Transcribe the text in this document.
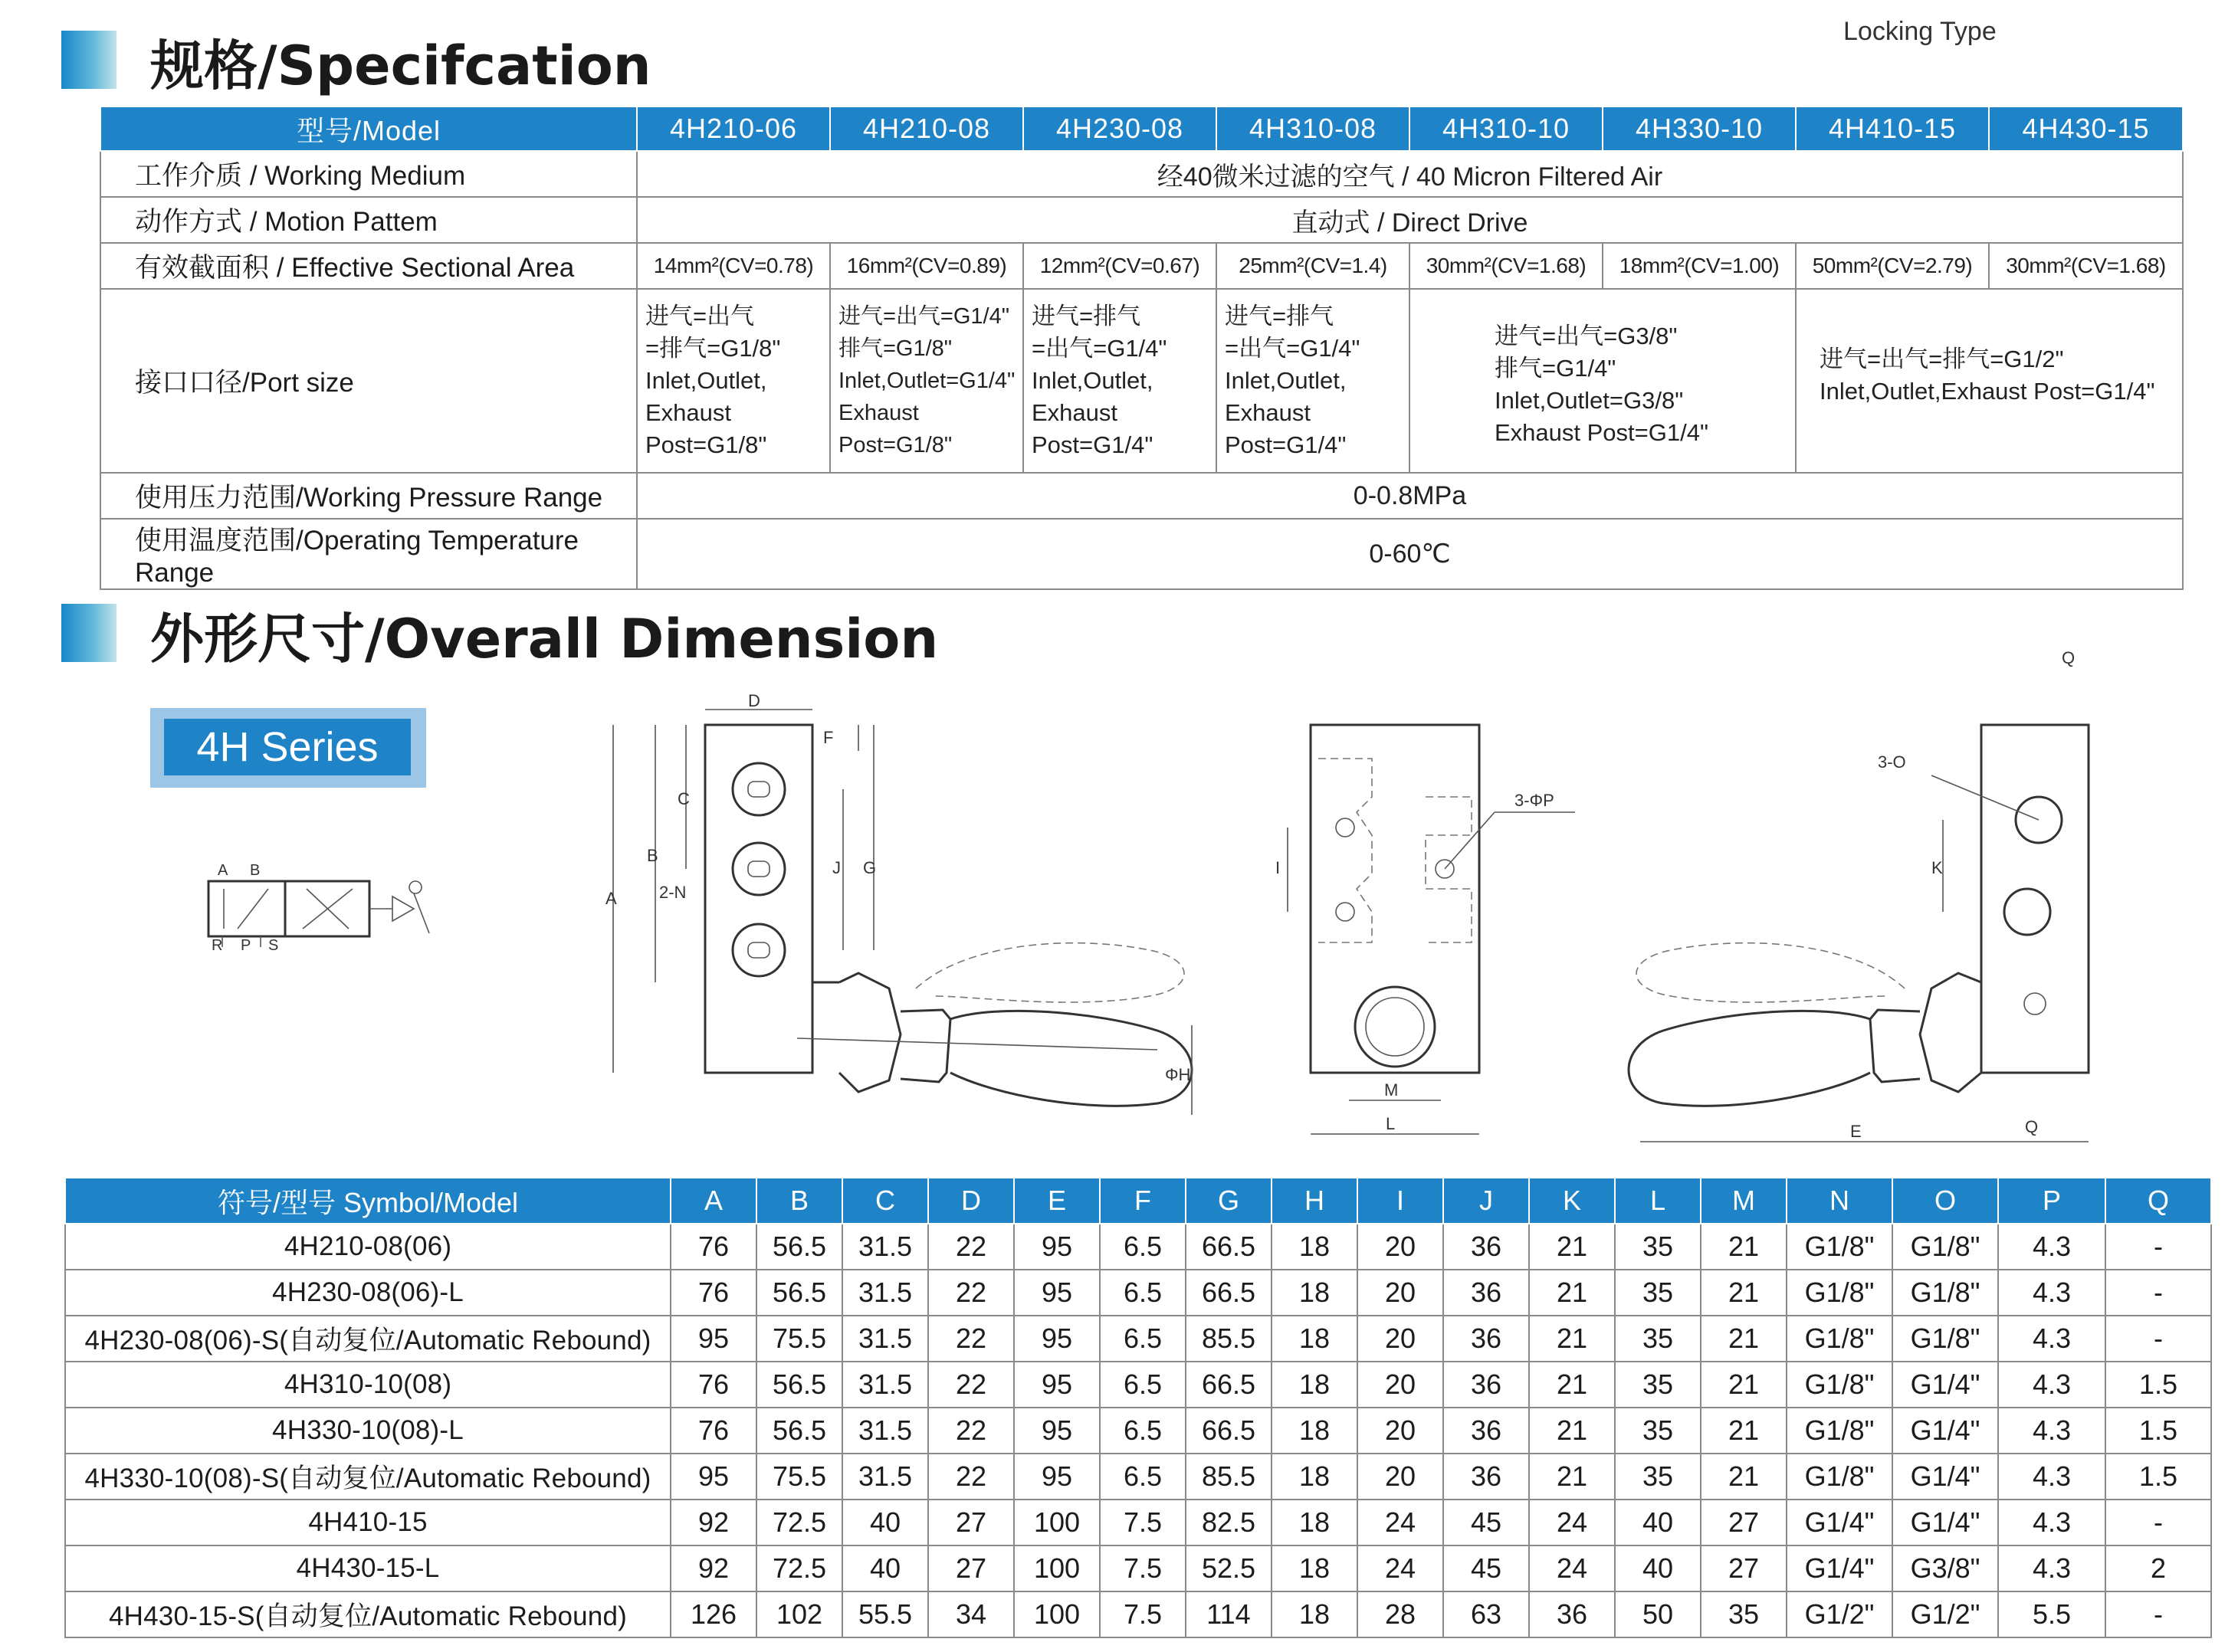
Locking Type
规格/Specifcation
型号/Model	4H210-06	4H210-08	4H230-08	4H310-08	4H310-10	4H330-10	4H410-15	4H430-15
工作介质 / Working Medium	经40微米过滤的空气 / 40 Micron Filtered Air							
动作方式 / Motion Pattem	直动式 / Direct Drive							
有效截面积 / Effective Sectional Area	14mm²(CV=0.78)	16mm²(CV=0.89)	12mm²(CV=0.67)	25mm²(CV=1.4)	30mm²(CV=1.68)	18mm²(CV=1.00)	50mm²(CV=2.79)	30mm²(CV=1.68)
接口口径/Port size	进气=出气
=排气=G1/8"
Inlet,Outlet,
Exhaust
Post=G1/8"	进气=出气=G1/4"
排气=G1/8"
Inlet,Outlet=G1/4"
Exhaust Post=G1/8"	进气=排气
=出气=G1/4"
Inlet,Outlet,
Exhaust
Post=G1/4"	进气=排气
=出气=G1/4"
Inlet,Outlet,
Exhaust
Post=G1/4"	进气=出气=G3/8"
排气=G1/4"
Inlet,Outlet=G3/8"
Exhaust Post=G1/4"		进气=出气=排气=G1/2"
Inlet,Outlet,Exhaust Post=G1/4"	
使用压力范围/Working Pressure Range	0-0.8MPa							
使用温度范围/Operating Temperature Range	0-60℃							
外形尺寸/Overall Dimension
4H Series
A B
R P S
D
A
B
C
F
J G
2-N
ΦH
I
M
L
3-ΦP
Q
Q
3-O
K
E
符号/型号 Symbol/Model	A	B	C	D	E	F	G	H	I	J	K	L	M	N	O	P	Q
4H210-08(06)	76	56.5	31.5	22	95	6.5	66.5	18	20	36	21	35	21	G1/8"	G1/8"	4.3	-
4H230-08(06)-L	76	56.5	31.5	22	95	6.5	66.5	18	20	36	21	35	21	G1/8"	G1/8"	4.3	-
4H230-08(06)-S(自动复位/Automatic Rebound)	95	75.5	31.5	22	95	6.5	85.5	18	20	36	21	35	21	G1/8"	G1/8"	4.3	-
4H310-10(08)	76	56.5	31.5	22	95	6.5	66.5	18	20	36	21	35	21	G1/8"	G1/4"	4.3	1.5
4H330-10(08)-L	76	56.5	31.5	22	95	6.5	66.5	18	20	36	21	35	21	G1/8"	G1/4"	4.3	1.5
4H330-10(08)-S(自动复位/Automatic Rebound)	95	75.5	31.5	22	95	6.5	85.5	18	20	36	21	35	21	G1/8"	G1/4"	4.3	1.5
4H410-15	92	72.5	40	27	100	7.5	82.5	18	24	45	24	40	27	G1/4"	G1/4"	4.3	-
4H430-15-L	92	72.5	40	27	100	7.5	52.5	18	24	45	24	40	27	G1/4"	G3/8"	4.3	2
4H430-15-S(自动复位/Automatic Rebound)	126	102	55.5	34	100	7.5	114	18	28	63	36	50	35	G1/2"	G1/2"	5.5	-
